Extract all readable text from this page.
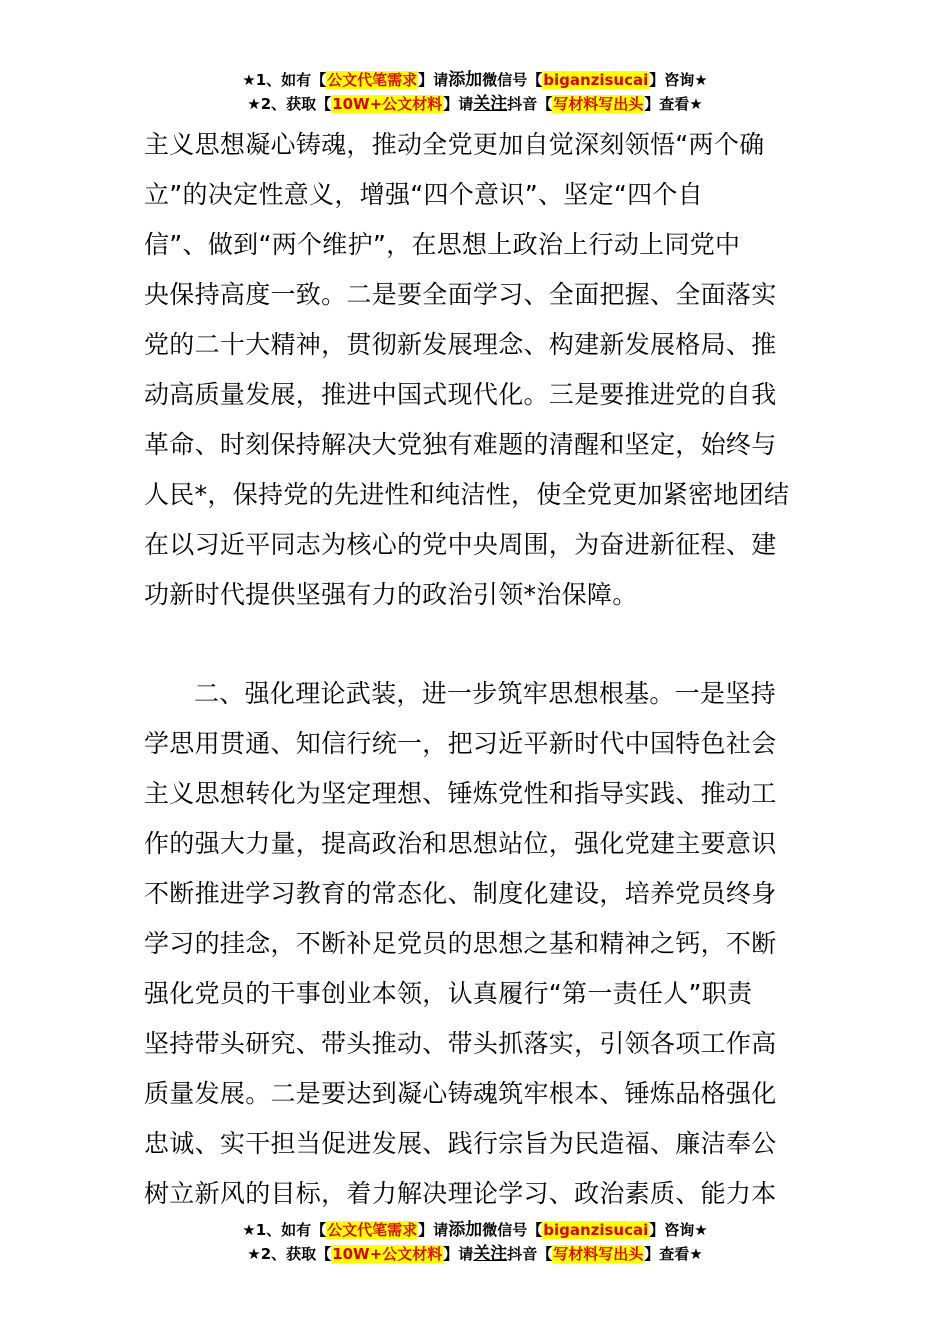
★1、如有【公文代笔需求】请添加微信号【biganzisucai】咨询★
★2、获取【10W+公文材料】请关注抖音【写材料写出头】查看★

主义思想凝心铸魂，推动全党更加自觉深刻领悟“两个确
立”的决定性意义，增强“四个意识”、坚定“四个自
信”、做到“两个维护”，在思想上政治上行动上同党中
央保持高度一致。二是要全面学习、全面把握、全面落实
党的二十大精神，贯彻新发展理念、构建新发展格局、推
动高质量发展，推进中国式现代化。三是要推进党的自我
革命、时刻保持解决大党独有难题的清醒和坚定，始终与
人民*，保持党的先进性和纯洁性，使全党更加紧密地团结
在以习近平同志为核心的党中央周围，为奋进新征程、建
功新时代提供坚强有力的政治引领*治保障。

二、强化理论武装，进一步筑牢思想根基。一是坚持
学思用贯通、知信行统一，把习近平新时代中国特色社会
主义思想转化为坚定理想、锤炼党性和指导实践、推动工
作的强大力量，提高政治和思想站位，强化党建主要意识
不断推进学习教育的常态化、制度化建设，培养党员终身
学习的挂念，不断补足党员的思想之基和精神之钙，不断
强化党员的干事创业本领，认真履行“第一责任人”职责
坚持带头研究、带头推动、带头抓落实，引领各项工作高
质量发展。二是要达到凝心铸魂筑牢根本、锤炼品格强化
忠诚、实干担当促进发展、践行宗旨为民造福、廉洁奉公
树立新风的目标，着力解决理论学习、政治素质、能力本

★1、如有【公文代笔需求】请添加微信号【biganzisucai】咨询★
★2、获取【10W+公文材料】请关注抖音【写材料写出头】查看★
